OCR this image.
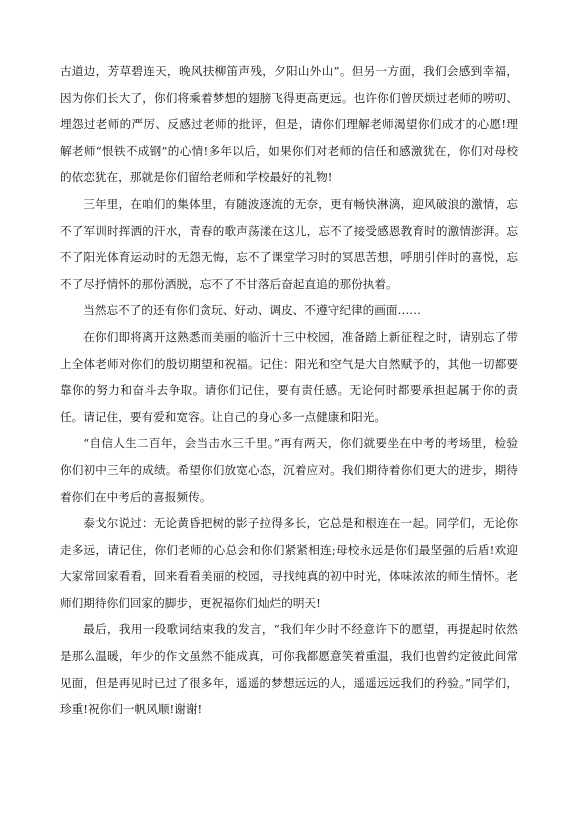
古道边，芳草碧连天，晚风扶柳笛声残，夕阳山外山”。但另一方面，我们会感到幸福，因为你们长大了，你们将乘着梦想的翅膀飞得更高更远。也许你们曾厌烦过老师的唠叨、埋怨过老师的严厉、反感过老师的批评，但是，请你们理解老师渴望你们成才的心愿!理解老师“恨铁不成钢”的心情!多年以后，如果你们对老师的信任和感激犹在，你们对母校的依恋犹在，那就是你们留给老师和学校最好的礼物!

三年里，在咱们的集体里，有随波逐流的无奈，更有畅快淋漓，迎风破浪的激情，忘不了军训时挥洒的汗水，青春的歌声荡漾在这儿，忘不了接受感恩教育时的激情澎湃。忘不了阳光体育运动时的无怨无悔，忘不了课堂学习时的冥思苦想，呼朋引伴时的喜悦，忘不了尽抒情怀的那份洒脱，忘不了不甘落后奋起直追的那份执着。

当然忘不了的还有你们贪玩、好动、调皮、不遵守纪律的画面……

在你们即将离开这熟悉而美丽的临沂十三中校园，准备踏上新征程之时，请别忘了带上全体老师对你们的殷切期望和祝福。记住：阳光和空气是大自然赋予的，其他一切都要靠你的努力和奋斗去争取。请你们记住，要有责任感。无论何时都要承担起属于你的责任。请记住，要有爱和宽容。让自己的身心多一点健康和阳光。

“自信人生二百年，会当击水三千里。”再有两天，你们就要坐在中考的考场里，检验你们初中三年的成绩。希望你们放宽心态，沉着应对。我们期待着你们更大的进步，期待着你们在中考后的喜报频传。

泰戈尔说过：无论黄昏把树的影子拉得多长，它总是和根连在一起。同学们，无论你走多远，请记住，你们老师的心总会和你们紧紧相连;母校永远是你们最坚强的后盾!欢迎大家常回家看看，回来看看美丽的校园，寻找纯真的初中时光，体味浓浓的师生情怀。老师们期待你们回家的脚步，更祝福你们灿烂的明天!

最后，我用一段歌词结束我的发言，“我们年少时不经意许下的愿望，再提起时依然是那么温暖，年少的作文虽然不能成真，可你我都愿意笑着重温，我们也曾约定彼此间常见面，但是再见时已过了很多年，遥遥的梦想远远的人，遥遥远远我们的矜验。”同学们，珍重!祝你们一帆风顺!谢谢!
